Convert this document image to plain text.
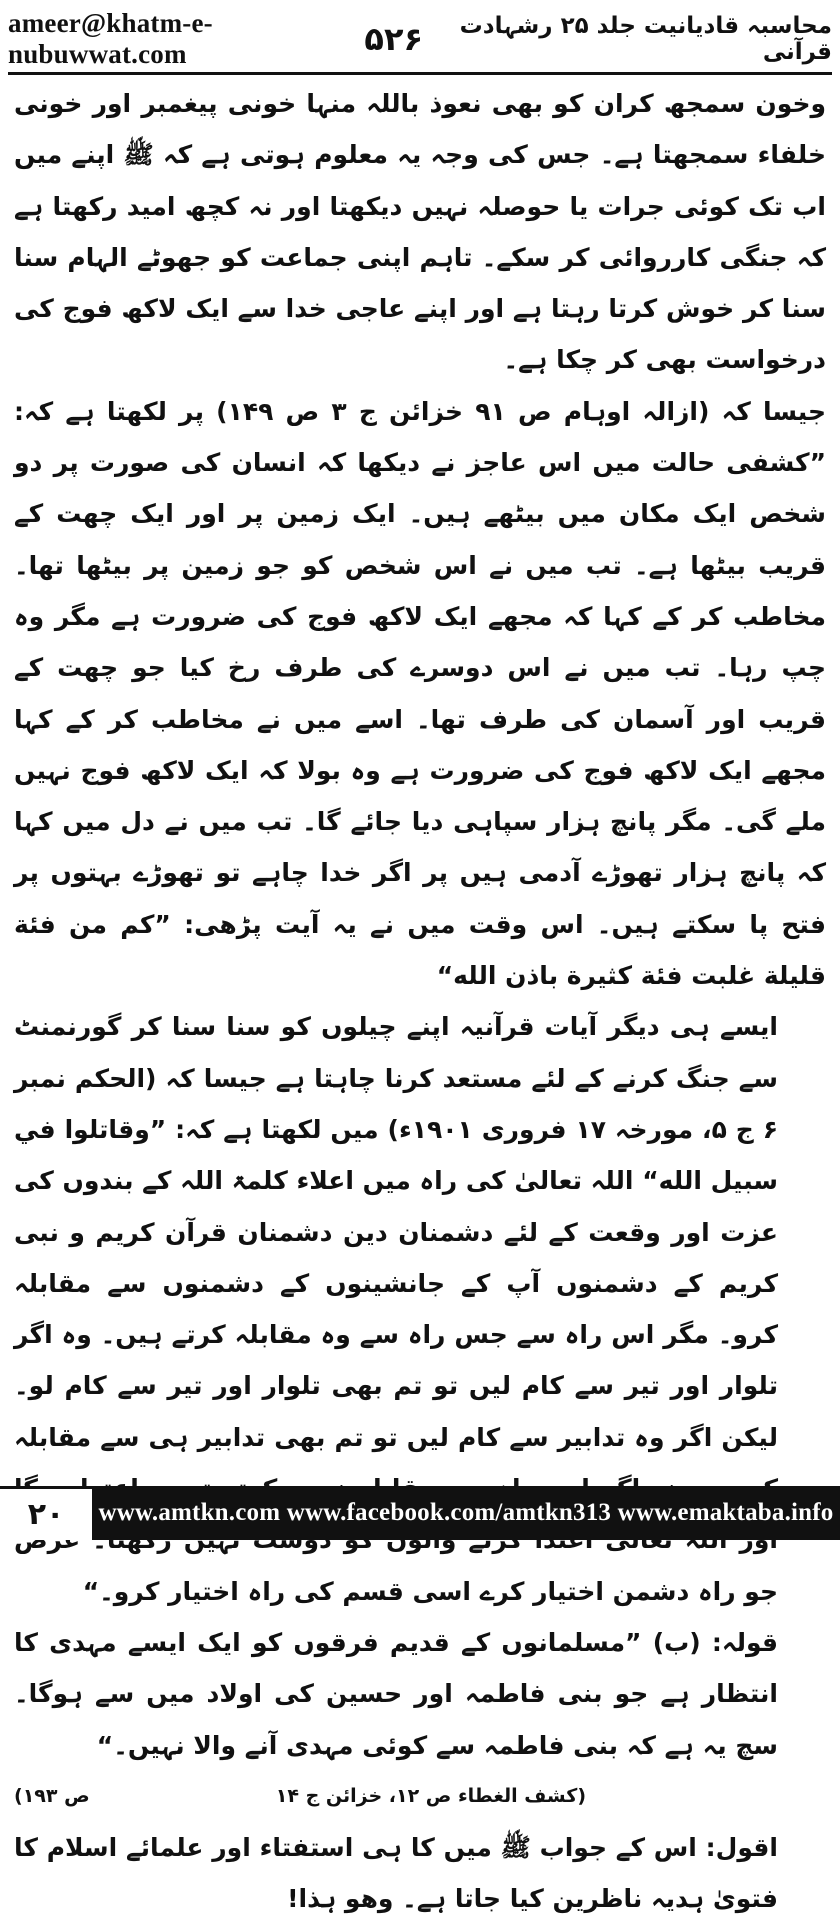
ameer@khatm-e-nubuwwat.com	۵۲۶	محاسبہ قادیانیت جلد ۲۵ رشہادت قرآنی

وخون سمجھ کران کو بھی نعوذ باللہ منہا خونی پیغمبر اور خونی خلفاء سمجھتا ہے۔ جس کی وجہ یہ معلوم ہوتی ہے کہ ﷺ اپنے میں اب تک کوئی جرات یا حوصلہ نہیں دیکھتا اور نہ کچھ امید رکھتا ہے کہ جنگی کارروائی کر سکے۔ تاہم اپنی جماعت کو جھوٹے الہام سنا سنا کر خوش کرتا رہتا ہے اور اپنے عاجی خدا سے ایک لاکھ فوج کی درخواست بھی کر چکا ہے۔

جیسا کہ (ازالہ اوہام ص ۹۱ خزائن ج ۳ ص ۱۴۹) پر لکھتا ہے کہ: ”کشفی حالت میں اس عاجز نے دیکھا کہ انسان کی صورت پر دو شخص ایک مکان میں بیٹھے ہیں۔ ایک زمین پر اور ایک چھت کے قریب بیٹھا ہے۔ تب میں نے اس شخص کو جو زمین پر بیٹھا تھا۔ مخاطب کر کے کہا کہ مجھے ایک لاکھ فوج کی ضرورت ہے مگر وہ چپ رہا۔ تب میں نے اس دوسرے کی طرف رخ کیا جو چھت کے قریب اور آسمان کی طرف تھا۔ اسے میں نے مخاطب کر کے کہا مجھے ایک لاکھ فوج کی ضرورت ہے وہ بولا کہ ایک لاکھ فوج نہیں ملے گی۔ مگر پانچ ہزار سپاہی دیا جائے گا۔ تب میں نے دل میں کہا کہ پانچ ہزار تھوڑے آدمی ہیں پر اگر خدا چاہے تو تھوڑے بہتوں پر فتح پا سکتے ہیں۔ اس وقت میں نے یہ آیت پڑھی: ”کم من فئة قليلة غلبت فئة كثيرة باذن الله“

ایسے ہی دیگر آیات قرآنیہ اپنے چیلوں کو سنا سنا کر گورنمنٹ سے جنگ کرنے کے لئے مستعد کرنا چاہتا ہے جیسا کہ (الحکم نمبر ۶ ج ۵، مورخہ ۱۷ فروری ۱۹۰۱ء) میں لکھتا ہے کہ: ”وقاتلوا في سبيل الله“ اللہ تعالیٰ کی راہ میں اعلاء کلمۃ اللہ کے بندوں کی عزت اور وقعت کے لئے دشمنان دین دشمنان قرآن کریم و نبی کریم کے دشمنوں آپ کے جانشینوں کے دشمنوں سے مقابلہ کرو۔ مگر اس راہ سے جس راہ سے وہ مقابلہ کرتے ہیں۔ وہ اگر تلوار اور تیر سے کام لیں تو تم بھی تلوار اور تیر سے کام لو۔ لیکن اگر وہ تدابیر سے کام لیں تو تم بھی تدابیر ہی سے مقابلہ جو راہ دشمن اختیار کرے اسی قسم کی راہ اختیار کرو۔“

قولہ: (ب) ”مسلمانوں کے قدیم فرقوں کو ایک ایسے مہدی کا انتظار ہے جو بنی فاطمہ اور حسین کی اولاد میں سے ہوگا۔ سچ یہ ہے کہ بنی فاطمہ سے کوئی مہدی آنے والا نہیں۔“

(کشف الغطاء ص ۱۲، خزائن ج ۱۴
ص ۱۹۳)

اقول: اس کے جواب ﷺ میں کا ہی استفتاء اور علمائے اسلام کا فتویٰ ہدیہ ناظرین کیا جاتا ہے۔ وھو ہذا!

۲۰	www.amtkn.com www.facebook.com/amtkn313 www.emaktaba.info
